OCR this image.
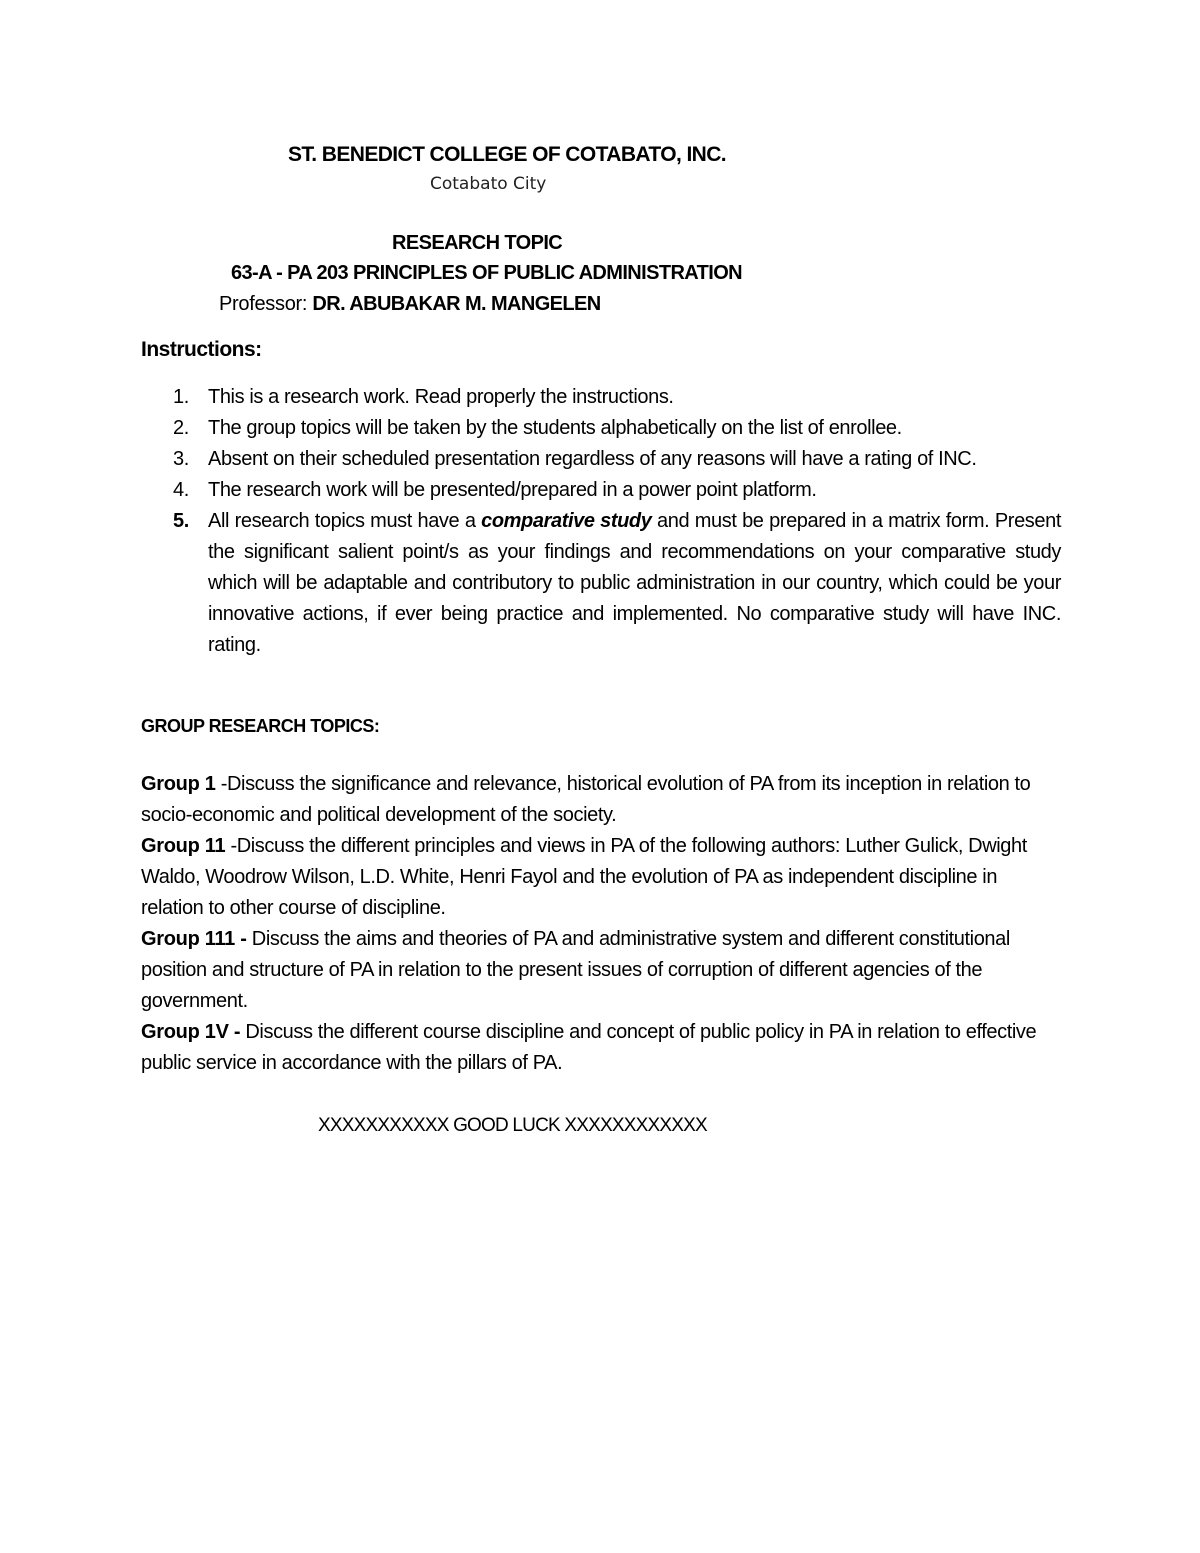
ST. BENEDICT COLLEGE OF COTABATO, INC.
Cotabato City
RESEARCH TOPIC
63-A - PA 203 PRINCIPLES OF PUBLIC ADMINISTRATION
Professor: DR. ABUBAKAR M. MANGELEN
Instructions:
1. This is a research work. Read properly the instructions.
2. The group topics will be taken by the students alphabetically on the list of enrollee.
3. Absent on their scheduled presentation regardless of any reasons will have a rating of INC.
4. The research work will be presented/prepared in a power point platform.
5. All research topics must have a comparative study and must be prepared in a matrix form. Present the significant salient point/s as your findings and recommendations on your comparative study which will be adaptable and contributory to public administration in our country, which could be your innovative actions, if ever being practice and implemented. No comparative study will have INC. rating.
GROUP RESEARCH TOPICS:

Group 1 -Discuss the significance and relevance, historical evolution of PA from its inception in relation to socio-economic and political development of the society.

Group 11 -Discuss the different principles and views in PA of the following authors: Luther Gulick, Dwight Waldo, Woodrow Wilson, L.D. White, Henri Fayol and the evolution of PA as independent discipline in relation to other course of discipline.

Group 111 - Discuss the aims and theories of PA and administrative system and different constitutional position and structure of PA in relation to the present issues of corruption of different agencies of the government.

Group 1V - Discuss the different course discipline and concept of public policy in PA in relation to effective public service in accordance with the pillars of PA.

XXXXXXXXXXX GOOD LUCK XXXXXXXXXXXX
